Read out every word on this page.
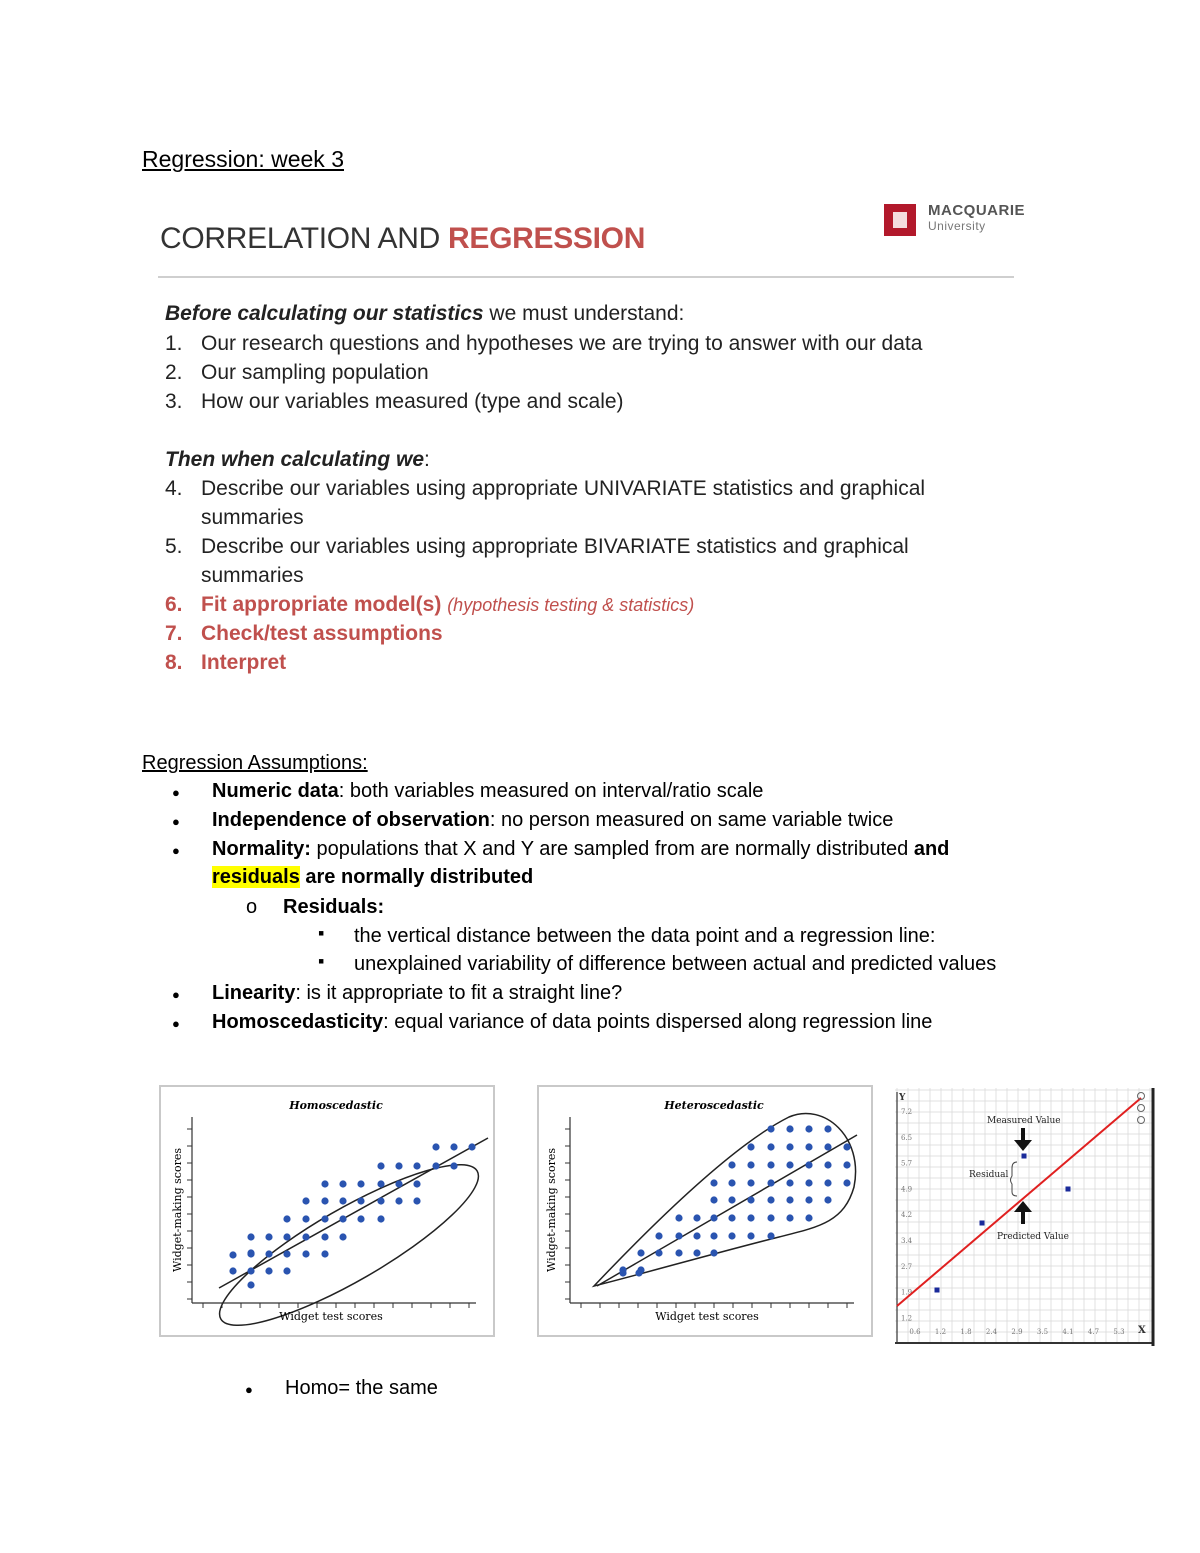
Regression: week 3
CORRELATION AND REGRESSION
MACQUARIE
University
Before calculating our statistics we must understand:
1. Our research questions and hypotheses we are trying to answer with our data
2. Our sampling population
3. How our variables measured (type and scale)
Then when calculating we:
4. Describe our variables using appropriate UNIVARIATE statistics and graphical
summaries
5. Describe our variables using appropriate BIVARIATE statistics and graphical
summaries
6. Fit appropriate model(s) (hypothesis testing & statistics)
7. Check/test assumptions
8. Interpret
Regression Assumptions:
Numeric data: both variables measured on interval/ratio scale
Independence of observation: no person measured on same variable twice
Normality: populations that X and Y are sampled from are normally distributed and
residuals are normally distributed
o Residuals:
the vertical distance between the data point and a regression line:
unexplained variability of difference between actual and predicted values
Linearity: is it appropriate to fit a straight line?
Homoscedasticity: equal variance of data points dispersed along regression line
Homoscedastic
Widget test scores
Widget-making scores
Heteroscedastic
Widget test scores
Widget-making scores
Y
X
7.2
6.5
5.7
4.9
4.2
3.4
2.7
1.9
1.2
0.6 1.2 1.8 2.4 2.9 3.5 4.1 4.7 5.3
Measured Value
Residual
Predicted Value
Homo= the same
